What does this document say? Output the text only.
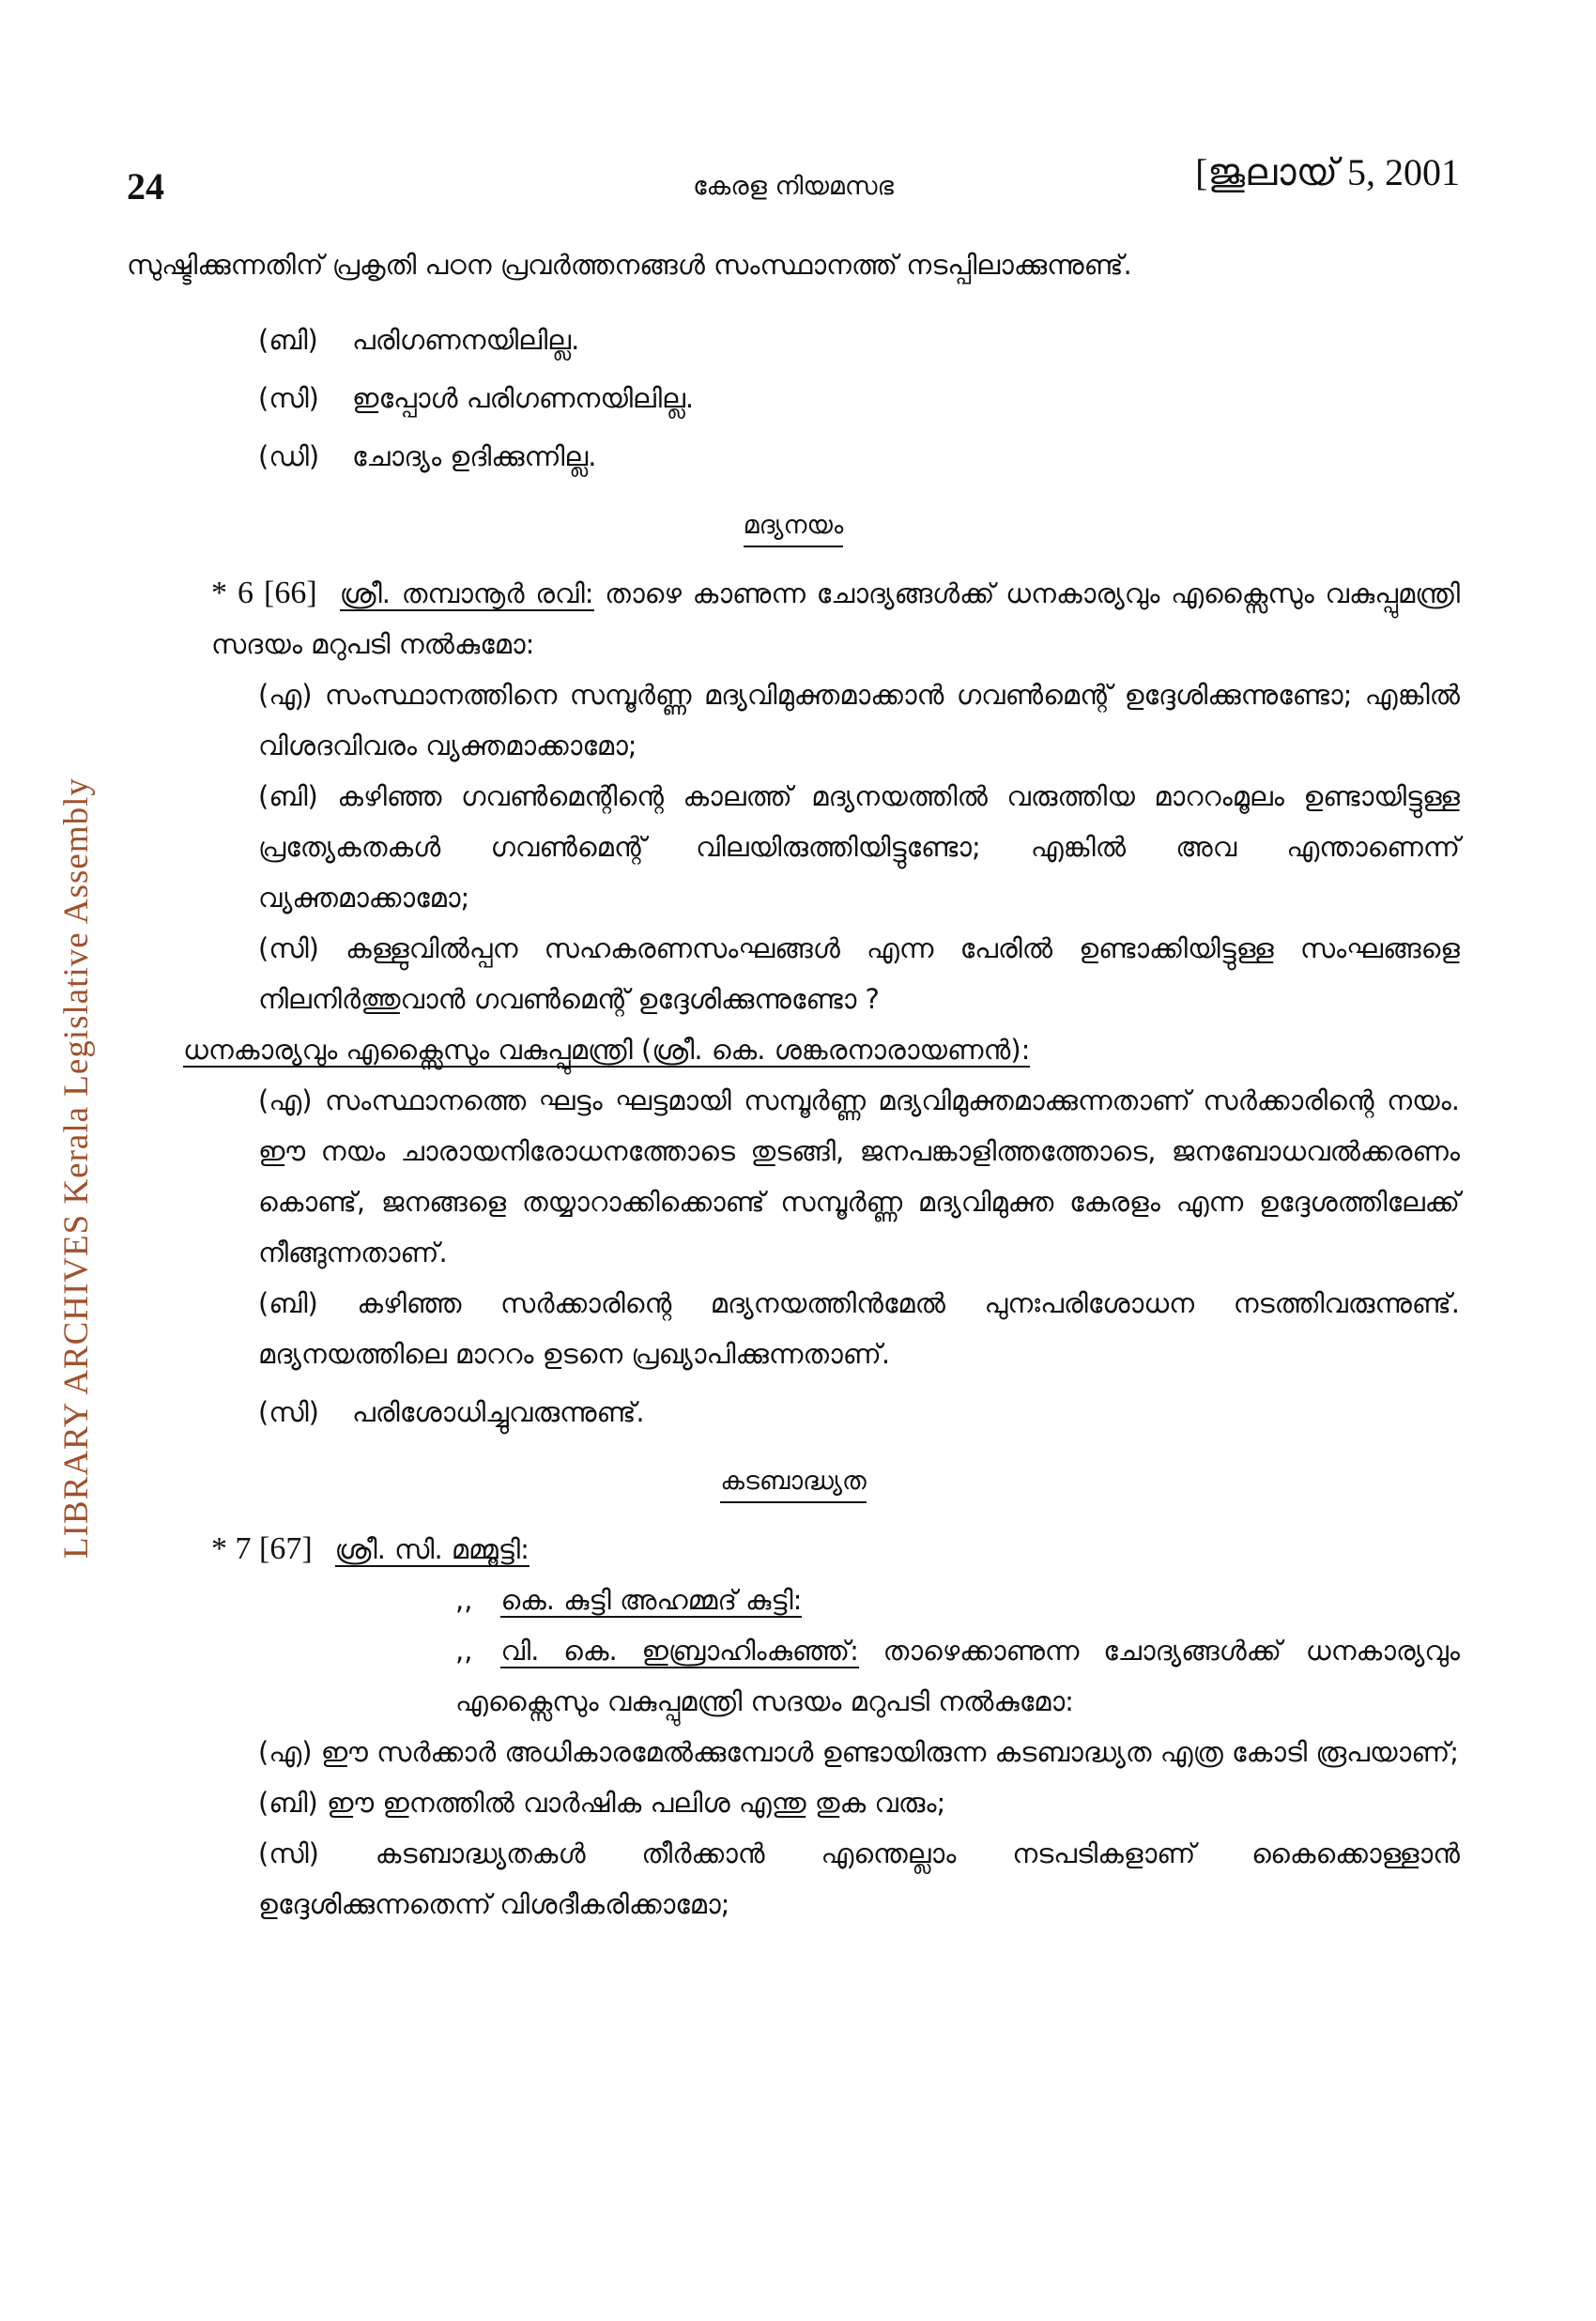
LIBRARY ARCHIVES Kerala Legislative Assembly
24	കേരള നിയമസഭ	[ജൂലായ് 5, 2001

സുഷ്ടിക്കുന്നതിന് പ്രകൃതി പഠന പ്രവർത്തനങ്ങൾ സംസ്ഥാനത്ത് നടപ്പിലാക്കുന്നുണ്ട്.

(ബി) പരിഗണനയിലില്ല.

(സി) ഇപ്പോൾ പരിഗണനയിലില്ല.

(ഡി) ചോദ്യം ഉദിക്കുന്നില്ല.

മദ്യനയം

* 6 [66] ശ്രീ. തമ്പാനൂർ രവി: താഴെ കാണുന്ന ചോദ്യങ്ങൾക്ക് ധനകാര്യവും എക്സൈസും വകുപ്പുമന്ത്രി സദയം മറുപടി നൽകുമോ:

(എ) സംസ്ഥാനത്തിനെ സമ്പൂർണ്ണ മദ്യവിമുക്തമാക്കാൻ ഗവൺമെന്റ് ഉദ്ദേശിക്കുന്നുണ്ടോ; എങ്കിൽ വിശദവിവരം വ്യക്തമാക്കാമോ;

(ബി) കഴിഞ്ഞ ഗവൺമെന്റിന്റെ കാലത്ത് മദ്യനയത്തിൽ വരുത്തിയ മാററംമൂലം ഉണ്ടായിട്ടുള്ള പ്രത്യേകതകൾ ഗവൺമെന്റ് വിലയിരുത്തിയിട്ടുണ്ടോ; എങ്കിൽ അവ എന്താണെന്ന് വ്യക്തമാക്കാമോ;

(സി) കള്ളുവിൽപ്പന സഹകരണസംഘങ്ങൾ എന്ന പേരിൽ ഉണ്ടാക്കിയിട്ടുള്ള സംഘങ്ങളെ നിലനിർത്തുവാൻ ഗവൺമെന്റ് ഉദ്ദേശിക്കുന്നുണ്ടോ ?

ധനകാര്യവും എക്സൈസും വകുപ്പുമന്ത്രി (ശ്രീ. കെ. ശങ്കരനാരായണൻ):

(എ) സംസ്ഥാനത്തെ ഘട്ടം ഘട്ടമായി സമ്പൂർണ്ണ മദ്യവിമുക്തമാക്കുന്നതാണ് സർക്കാരിന്റെ നയം. ഈ നയം ചാരായനിരോധനത്തോടെ തുടങ്ങി, ജനപങ്കാളിത്തത്തോടെ, ജനബോധവൽക്കരണം കൊണ്ട്, ജനങ്ങളെ തയ്യാറാക്കിക്കൊണ്ട് സമ്പൂർണ്ണ മദ്യവിമുക്ത കേരളം എന്ന ഉദ്ദേശത്തിലേക്ക് നീങ്ങുന്നതാണ്.

(ബി) കഴിഞ്ഞ സർക്കാരിന്റെ മദ്യനയത്തിൻമേൽ പുനഃപരിശോധന നടത്തിവരുന്നുണ്ട്. മദ്യനയത്തിലെ മാററം ഉടനെ പ്രഖ്യാപിക്കുന്നതാണ്.

(സി) പരിശോധിച്ചുവരുന്നുണ്ട്.

കടബാദ്ധ്യത

* 7 [67] ശ്രീ. സി. മമ്മൂട്ടി:

,, കെ. കുട്ടി അഹമ്മദ് കുട്ടി:

,, വി. കെ. ഇബ്രാഹിംകുഞ്ഞ്: താഴെക്കാണുന്ന ചോദ്യങ്ങൾക്ക് ധനകാര്യവും എക്സൈസും വകുപ്പുമന്ത്രി സദയം മറുപടി നൽകുമോ:

(എ) ഈ സർക്കാർ അധികാരമേൽക്കുമ്പോൾ ഉണ്ടായിരുന്ന കടബാദ്ധ്യത എത്ര കോടി രൂപയാണ്;

(ബി) ഈ ഇനത്തിൽ വാർഷിക പലിശ എന്തു തുക വരും;

(സി) കടബാദ്ധ്യതകൾ തീർക്കാൻ എന്തെല്ലാം നടപടികളാണ് കൈക്കൊള്ളാൻ ഉദ്ദേശിക്കുന്നതെന്ന് വിശദീകരിക്കാമോ;
